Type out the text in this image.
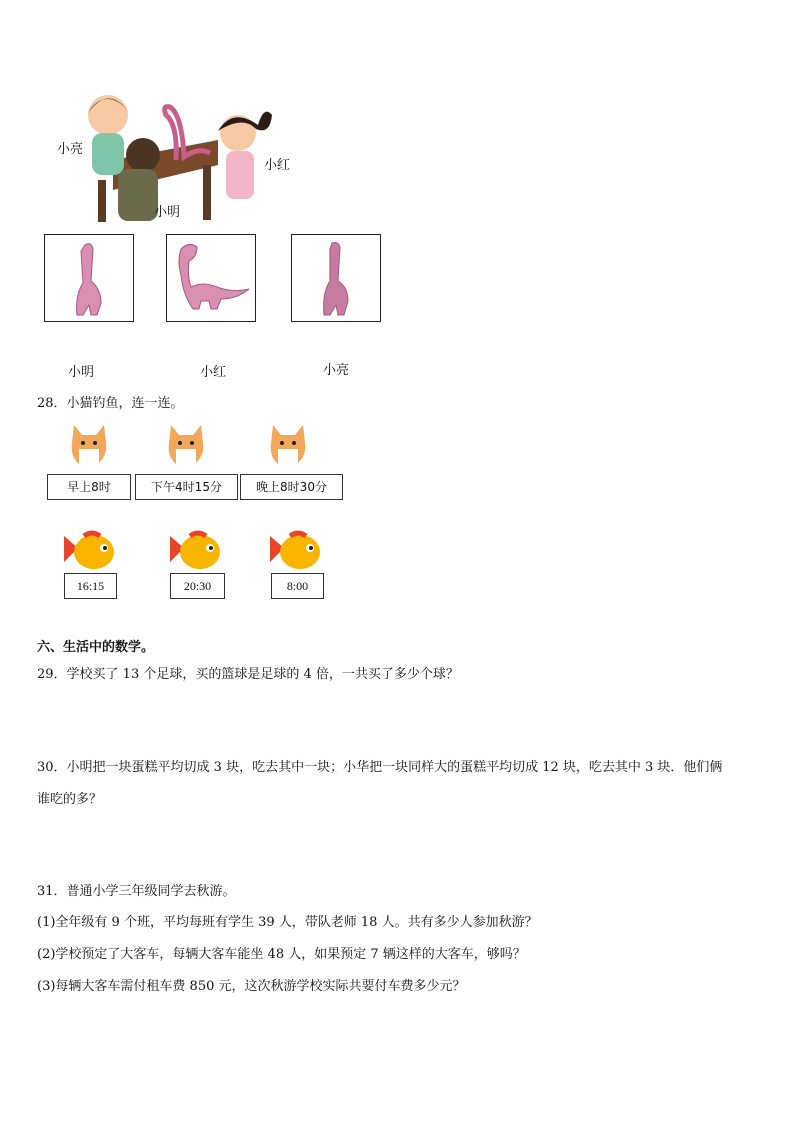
小亮
小红
小明
小明	小红	小亮
28．小猫钓鱼，连一连。
早上8时	下午4时15分	晚上8时30分
16:15	20:30	8:00
六、生活中的数学。
29．学校买了 13 个足球，买的篮球是足球的 4 倍，一共买了多少个球？
30．小明把一块蛋糕平均切成 3 块，吃去其中一块；小华把一块同样大的蛋糕平均切成 12 块，吃去其中 3 块．他们俩
谁吃的多？
31．普通小学三年级同学去秋游。
(1)全年级有 9 个班，平均每班有学生 39 人，带队老师 18 人。共有多少人参加秋游？
(2)学校预定了大客车，每辆大客车能坐 48 人，如果预定 7 辆这样的大客车，够吗？
(3)每辆大客车需付租车费 850 元，这次秋游学校实际共要付车费多少元？
